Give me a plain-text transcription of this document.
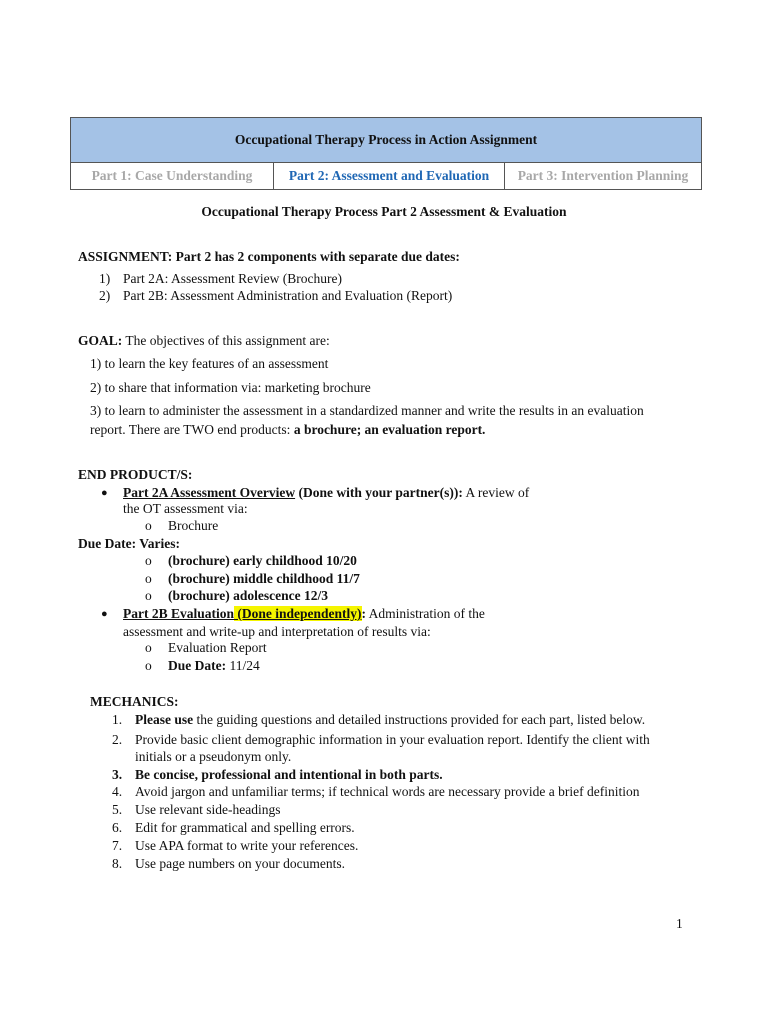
Occupational Therapy Process in Action Assignment
Part 1: Case Understanding	Part 2: Assessment and Evaluation	Part 3: Intervention Planning
Occupational Therapy Process Part 2 Assessment & Evaluation
ASSIGNMENT: Part 2 has 2 components with separate due dates:
1) Part 2A: Assessment Review (Brochure)
2) Part 2B: Assessment Administration and Evaluation (Report)
GOAL: The objectives of this assignment are:
1) to learn the key features of an assessment
2) to share that information via: marketing brochure
3) to learn to administer the assessment in a standardized manner and write the results in an evaluation
report. There are TWO end products: a brochure; an evaluation report.
END PRODUCT/S:
● Part 2A Assessment Overview (Done with your partner(s)): A review of
the OT assessment via:
o Brochure
Due Date: Varies:
o (brochure) early childhood 10/20
o (brochure) middle childhood 11/7
o (brochure) adolescence 12/3
● Part 2B Evaluation (Done independently): Administration of the
assessment and write-up and interpretation of results via:
o Evaluation Report
o Due Date: 11/24
MECHANICS:
1. Please use the guiding questions and detailed instructions provided for each part, listed below.
2. Provide basic client demographic information in your evaluation report. Identify the client with
initials or a pseudonym only.
3. Be concise, professional and intentional in both parts.
4. Avoid jargon and unfamiliar terms; if technical words are necessary provide a brief definition
5. Use relevant side-headings
6. Edit for grammatical and spelling errors.
7. Use APA format to write your references.
8. Use page numbers on your documents.
1
